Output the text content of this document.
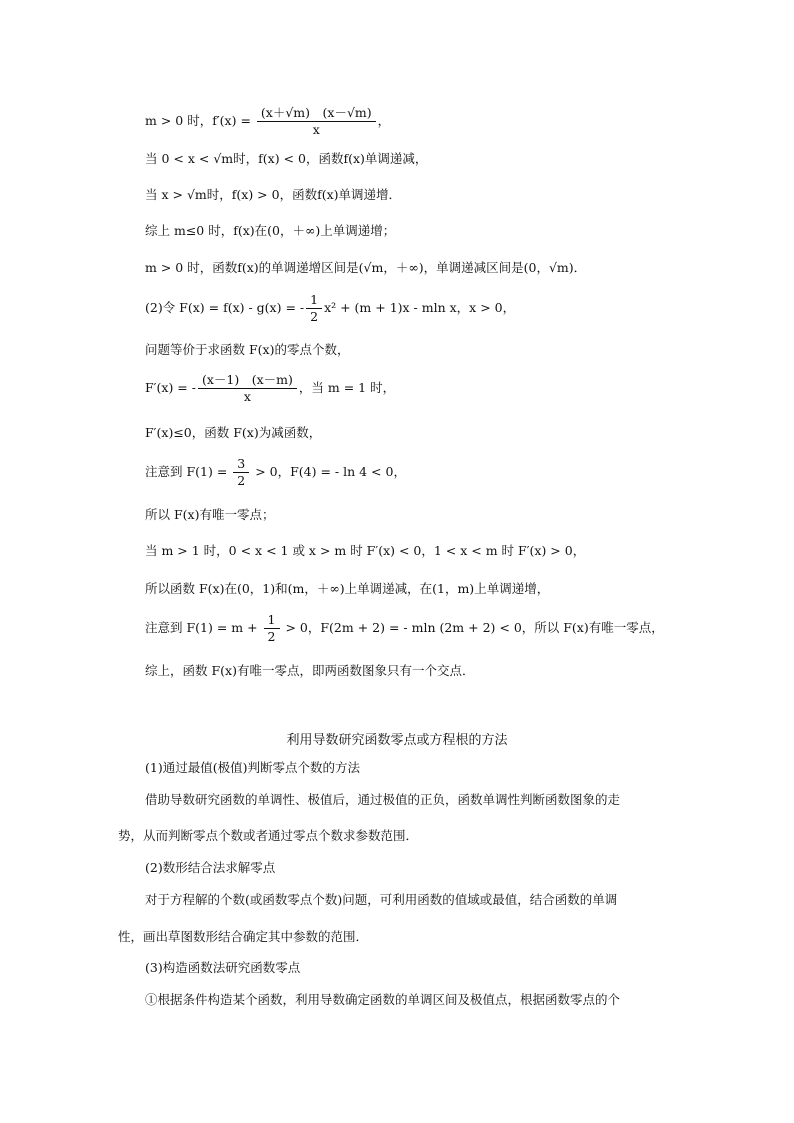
m > 0 时，$f'(x) = \frac{(x+√m) (x-√m)}{x}$ ，
当 0 < x < √m时，f(x) < 0，函数f(x)单调递减，
当 x > √m时，f(x) > 0，函数f(x)单调递增．
综上 m≤0 时，f(x)在(0，＋∞)上单调递增；
m > 0 时，函数f(x)的单调递增区间是(√m，＋∞)，单调递减区间是(0，√m)．
(2)令 F(x) = f(x) - g(x) = - $\frac{1}{2} x^2 + (m + 1)x - mln$ x，x > 0，
问题等价于求函数 F(x)的零点个数，
F′(x) = - $\frac{(x-1) (x-m)}{x}$ ，当 m = 1 时，
F′(x)≤0，函数 F(x)为减函数，
注意到 $F(1) = \frac{3}{2} > 0$，F(4) = - ln 4 < 0，
所以 F(x)有唯一零点；
当 m > 1 时，0 < x < 1 或 x > m 时 F′(x) < 0，1 < x < m 时 F′(x) > 0，
所以函数 F(x)在(0，1)和(m，＋∞)上单调递减，在(1，m)上单调递增，
注意到 $F(1) = m + \frac{1}{2} > 0$，F(2m + 2) = - mln (2m + 2) < 0，所以 F(x)有唯一零点，
综上，函数 F(x)有唯一零点，即两函数图象只有一个交点．
利用导数研究函数零点或方程根的方法
(1)通过最值(极值)判断零点个数的方法
借助导数研究函数的单调性、极值后，通过极值的正负，函数单调性判断函数图象的走
势，从而判断零点个数或者通过零点个数求参数范围．
(2)数形结合法求解零点
对于方程解的个数(或函数零点个数)问题，可利用函数的值域或最值，结合函数的单调
性，画出草图数形结合确定其中参数的范围．
(3)构造函数法研究函数零点
①根据条件构造某个函数，利用导数确定函数的单调区间及极值点，根据函数零点的个
